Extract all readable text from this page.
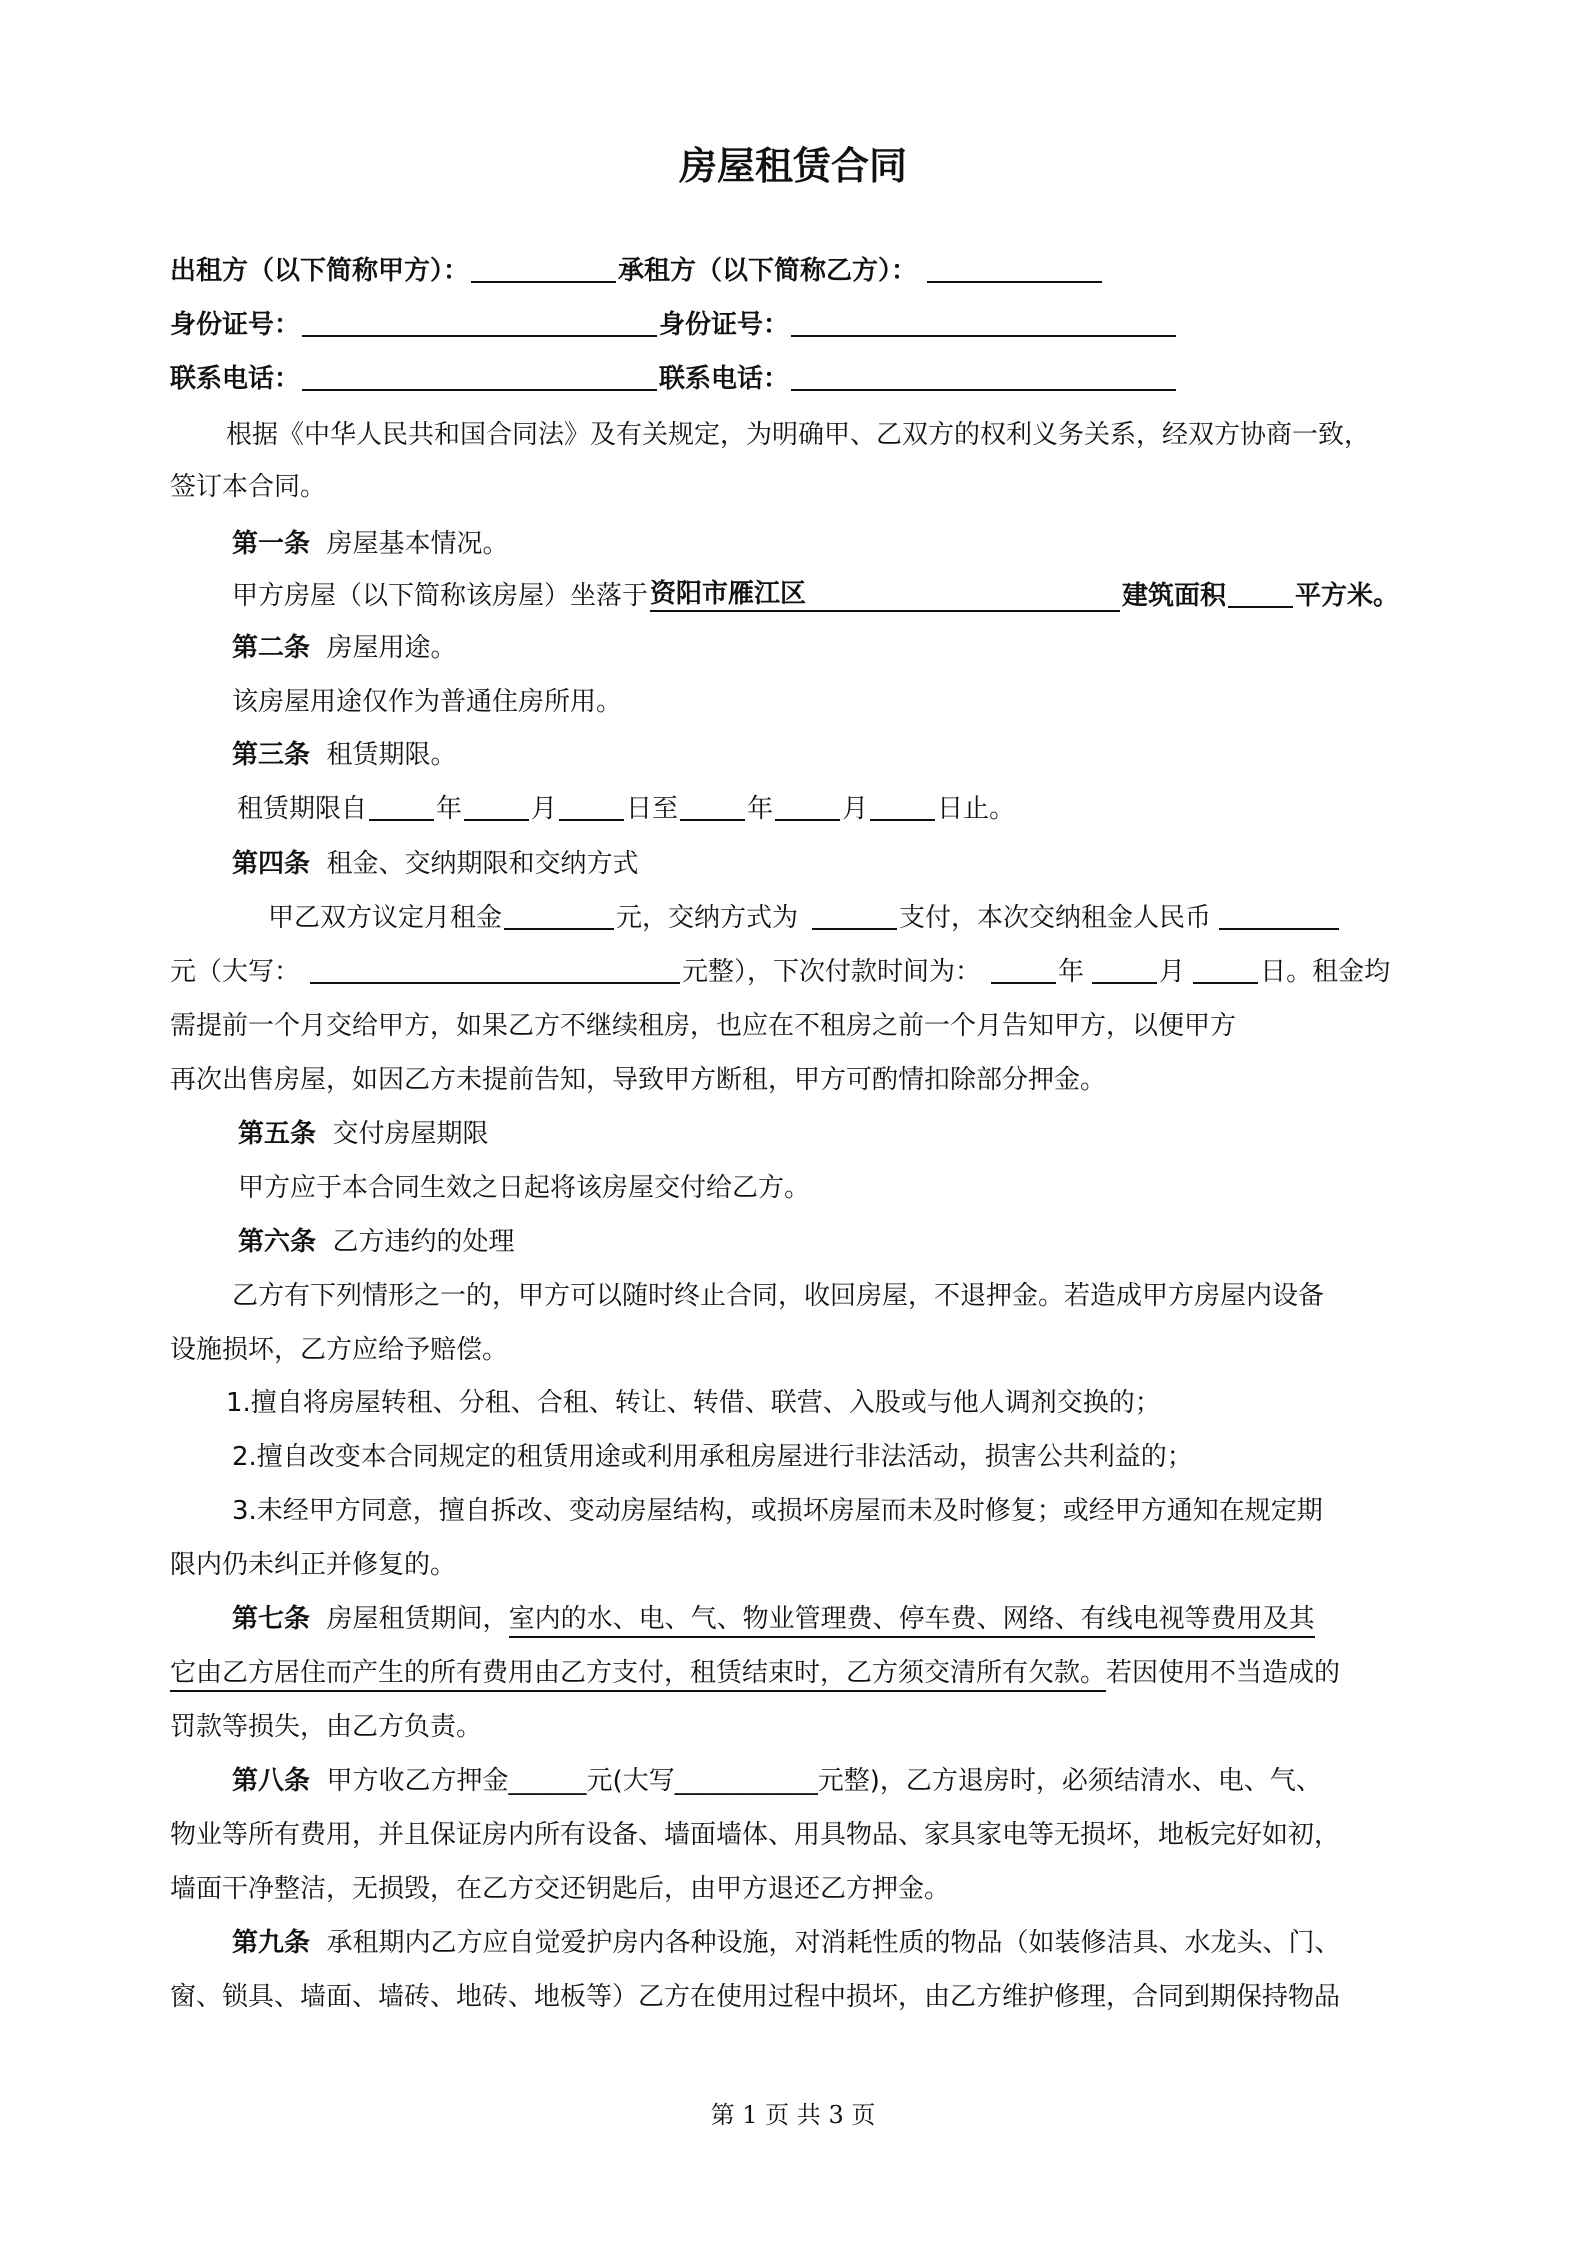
房屋租赁合同
出租方（以下简称甲方）：	承租方（以下简称乙方）：
身份证号：	身份证号：
联系电话：	联系电话：
根据《中华人民共和国合同法》及有关规定，为明确甲、乙双方的权利义务关系，经双方协商一致，
签订本合同。
第一条 房屋基本情况。
甲方房屋（以下简称该房屋）坐落于资阳市雁江区	建筑面积	平方米。
第二条 房屋用途。
该房屋用途仅作为普通住房所用。
第三条 租赁期限。
租赁期限自	年	月	日至	年	月	日止。
第四条 租金、交纳期限和交纳方式
甲乙双方议定月租金	元，交纳方式为	支付，本次交纳租金人民币
元（大写：	元整），下次付款时间为：	年	月	日。租金均
需提前一个月交给甲方，如果乙方不继续租房，也应在不租房之前一个月告知甲方，以便甲方
再次出售房屋，如因乙方未提前告知，导致甲方断租，甲方可酌情扣除部分押金。
第五条 交付房屋期限
甲方应于本合同生效之日起将该房屋交付给乙方。
第六条 乙方违约的处理
乙方有下列情形之一的，甲方可以随时终止合同，收回房屋，不退押金。若造成甲方房屋内设备
设施损坏，乙方应给予赔偿。
1.擅自将房屋转租、分租、合租、转让、转借、联营、入股或与他人调剂交换的；
2.擅自改变本合同规定的租赁用途或利用承租房屋进行非法活动，损害公共利益的；
3.未经甲方同意，擅自拆改、变动房屋结构，或损坏房屋而未及时修复；或经甲方通知在规定期
限内仍未纠正并修复的。
第七条 房屋租赁期间，室内的水、电、气、物业管理费、停车费、网络、有线电视等费用及其
它由乙方居住而产生的所有费用由乙方支付，租赁结束时，乙方须交清所有欠款。若因使用不当造成的
罚款等损失，由乙方负责。
第八条 甲方收乙方押金______元(大写___________元整)，乙方退房时，必须结清水、电、气、
物业等所有费用，并且保证房内所有设备、墙面墙体、用具物品、家具家电等无损坏，地板完好如初，
墙面干净整洁，无损毁，在乙方交还钥匙后，由甲方退还乙方押金。
第九条 承租期内乙方应自觉爱护房内各种设施，对消耗性质的物品（如装修洁具、水龙头、门、
窗、锁具、墙面、墙砖、地砖、地板等）乙方在使用过程中损坏，由乙方维护修理，合同到期保持物品
第 1 页 共 3 页
